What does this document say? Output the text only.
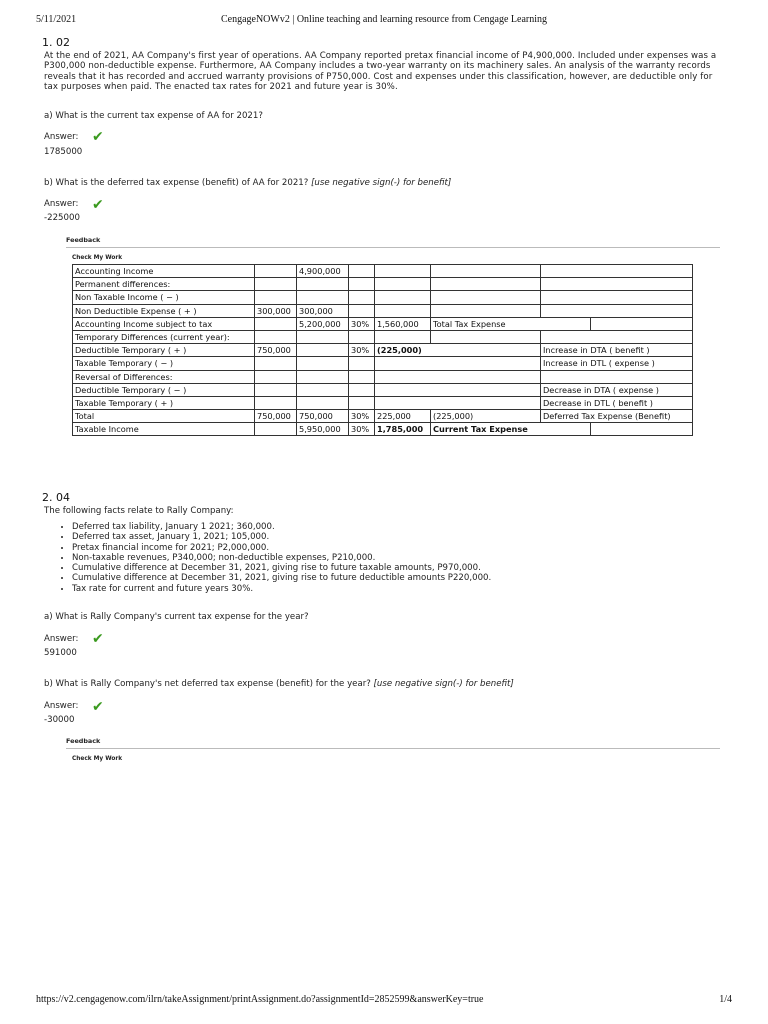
5/11/2021	CengageNOWv2 | Online teaching and learning resource from Cengage Learning
1. 02

At the end of 2021, AA Company's first year of operations. AA Company reported pretax financial income of P4,900,000. Included under expenses was a P300,000 non-deductible expense. Furthermore, AA Company includes a two-year warranty on its machinery sales. An analysis of the warranty records reveals that it has recorded and accrued warranty provisions of P750,000. Cost and expenses under this classification, however, are deductible only for tax purposes when paid. The enacted tax rates for 2021 and future year is 30%.

a) What is the current tax expense of AA for 2021?
Answer: ✔
1785000
b) What is the deferred tax expense (benefit) of AA for 2021? [use negative sign(-) for benefit]
Answer: ✔
-225000
Feedback
Check My Work
Accounting Income		4,900,000					
Permanent differences:							
Non Taxable Income ( − )							
Non Deductible Expense ( + )	300,000	300,000					
Accounting Income subject to tax		5,200,000	30%	1,560,000	Total Tax Expense		
Temporary Differences (current year):							
Deductible Temporary ( + )	750,000		30%	(225,000)		Increase in DTA ( benefit )	
Taxable Temporary ( − )						Increase in DTL ( expense )	
Reversal of Differences:							
Deductible Temporary ( − )						Decrease in DTA ( expense )	
Taxable Temporary ( + )						Decrease in DTL ( benefit )	
Total	750,000	750,000	30%	225,000	(225,000)	Deferred Tax Expense (Benefit)	
Taxable Income		5,950,000	30%	1,785,000	Current Tax Expense		
2. 04
The following facts relate to Rally Company:
• Deferred tax liability, January 1 2021; 360,000.
• Deferred tax asset, January 1, 2021; 105,000.
• Pretax financial income for 2021; P2,000,000.
• Non-taxable revenues, P340,000; non-deductible expenses, P210,000.
• Cumulative difference at December 31, 2021, giving rise to future taxable amounts, P970,000.
• Cumulative difference at December 31, 2021, giving rise to future deductible amounts P220,000.
• Tax rate for current and future years 30%.
a) What is Rally Company's current tax expense for the year?
Answer: ✔
591000
b) What is Rally Company's net deferred tax expense (benefit) for the year? [use negative sign(-) for benefit]
Answer: ✔
-30000
Feedback
Check My Work
https://v2.cengagenow.com/ilrn/takeAssignment/printAssignment.do?assignmentId=2852599&answerKey=true	1/4
